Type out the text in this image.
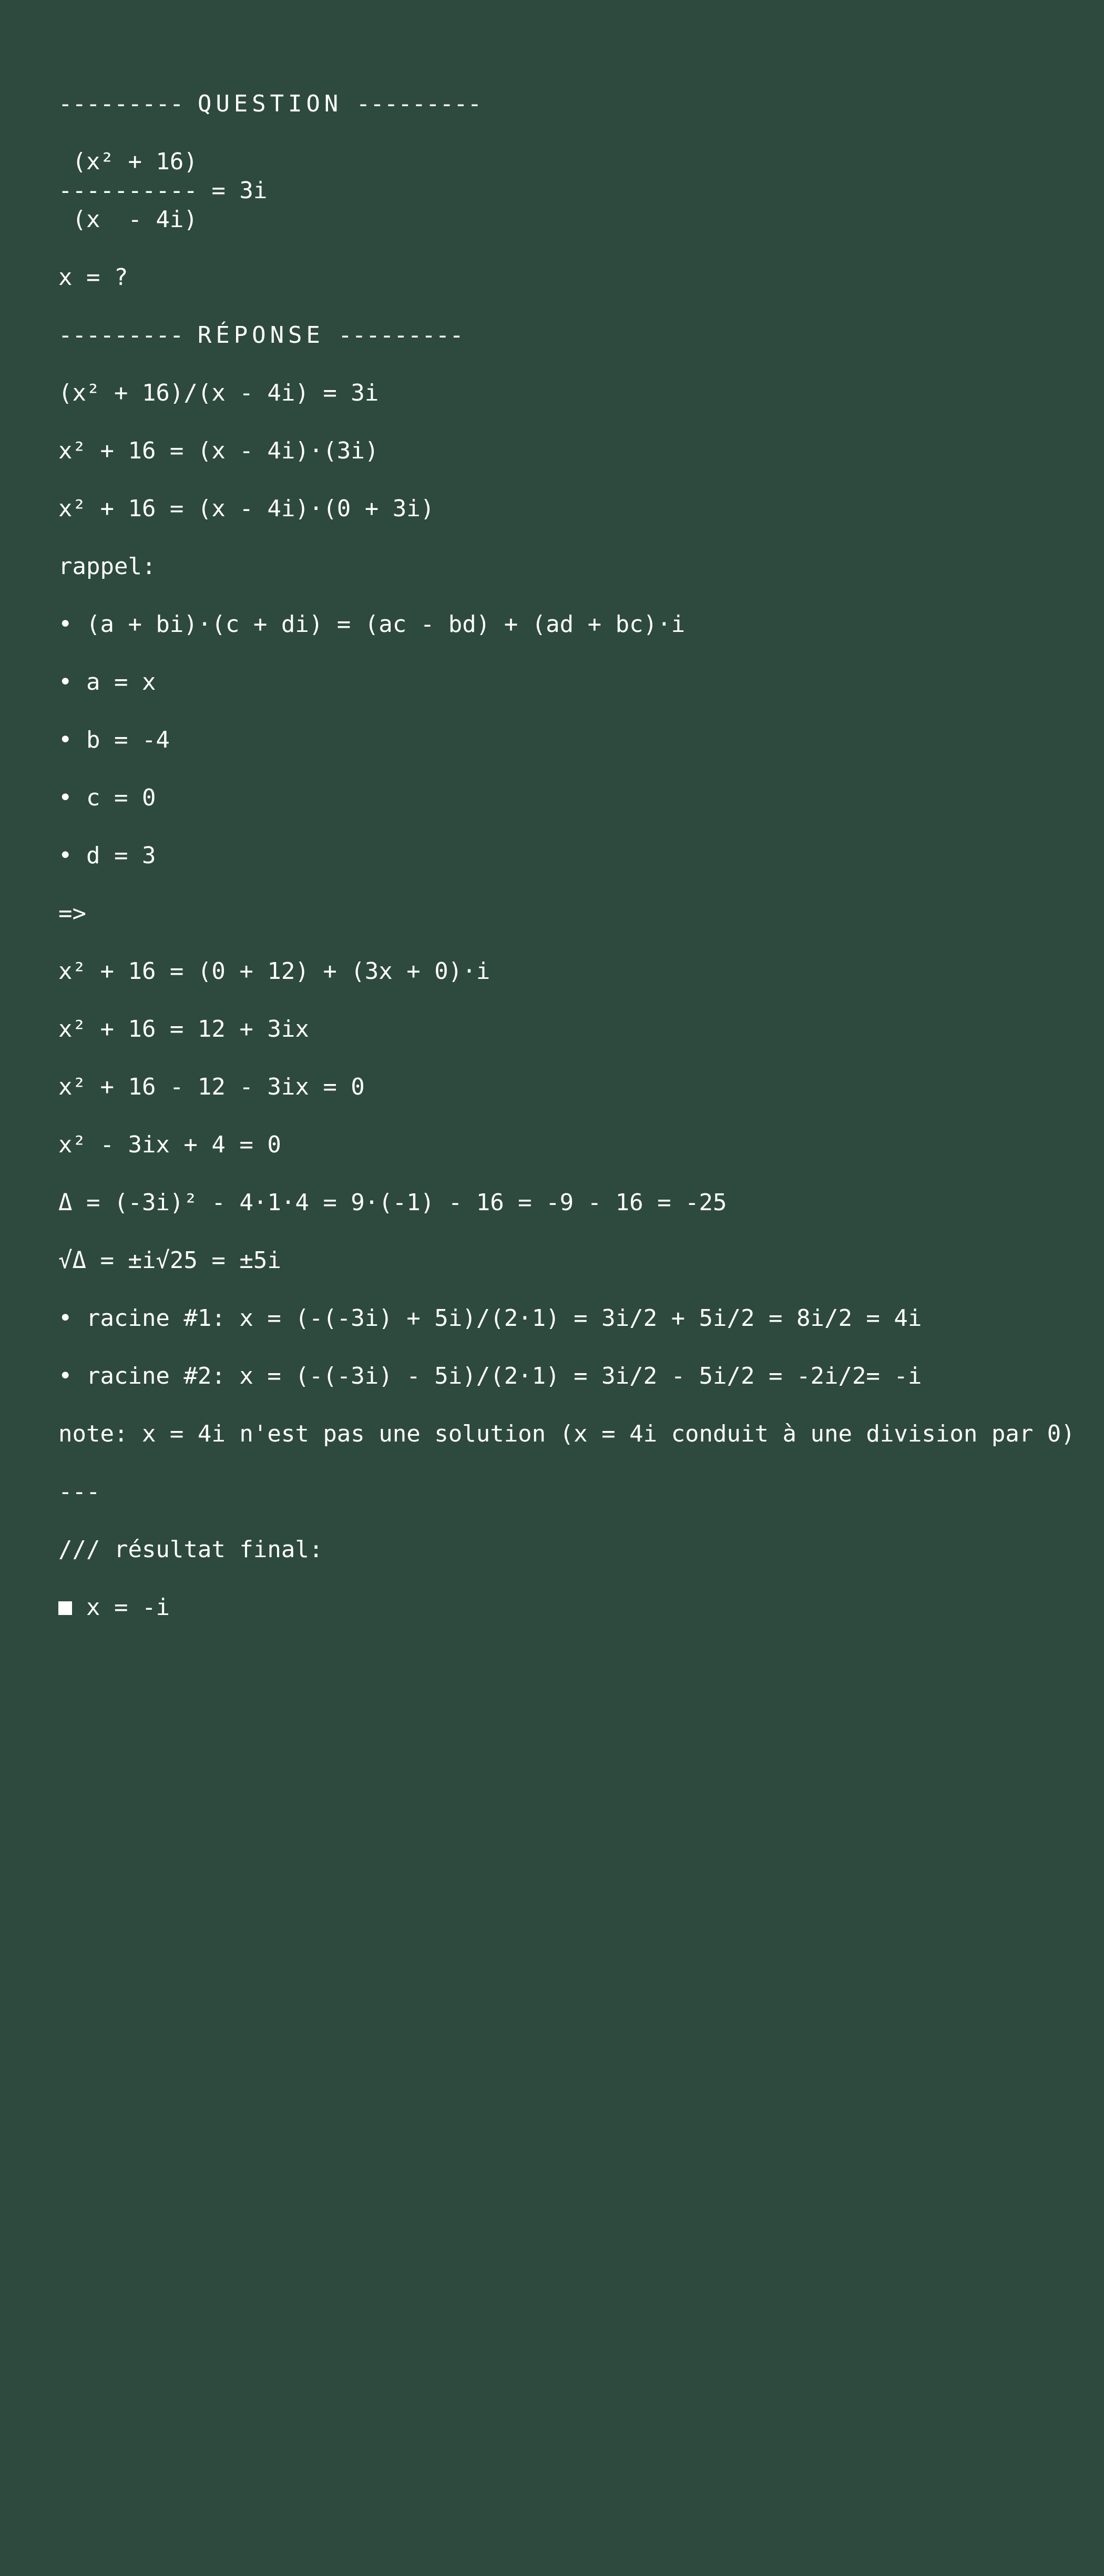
--------- QUESTION ---------
(x² + 16)
---------- = 3i
(x  - 4i)
x = ?
--------- RÉPONSE ---------
(x² + 16)/(x - 4i) = 3i
x² + 16 = (x - 4i)·(3i)
x² + 16 = (x - 4i)·(0 + 3i)
rappel:
• (a + bi)·(c + di) = (ac - bd) + (ad + bc)·i
• a = x
• b = -4
• c = 0
• d = 3
=>
x² + 16 = (0 + 12) + (3x + 0)·i
x² + 16 = 12 + 3ix
x² + 16 - 12 - 3ix = 0
x² - 3ix + 4 = 0
Δ = (-3i)² - 4·1·4 = 9·(-1) - 16 = -9 - 16 = -25
√Δ = ±i√25 = ±5i
• racine #1: x = (-(-3i) + 5i)/(2·1) = 3i/2 + 5i/2 = 8i/2 = 4i
• racine #2: x = (-(-3i) - 5i)/(2·1) = 3i/2 - 5i/2 = -2i/2= -i
note: x = 4i n'est pas une solution (x = 4i conduit à une division par 0)
---
/// résultat final:
x = -i
